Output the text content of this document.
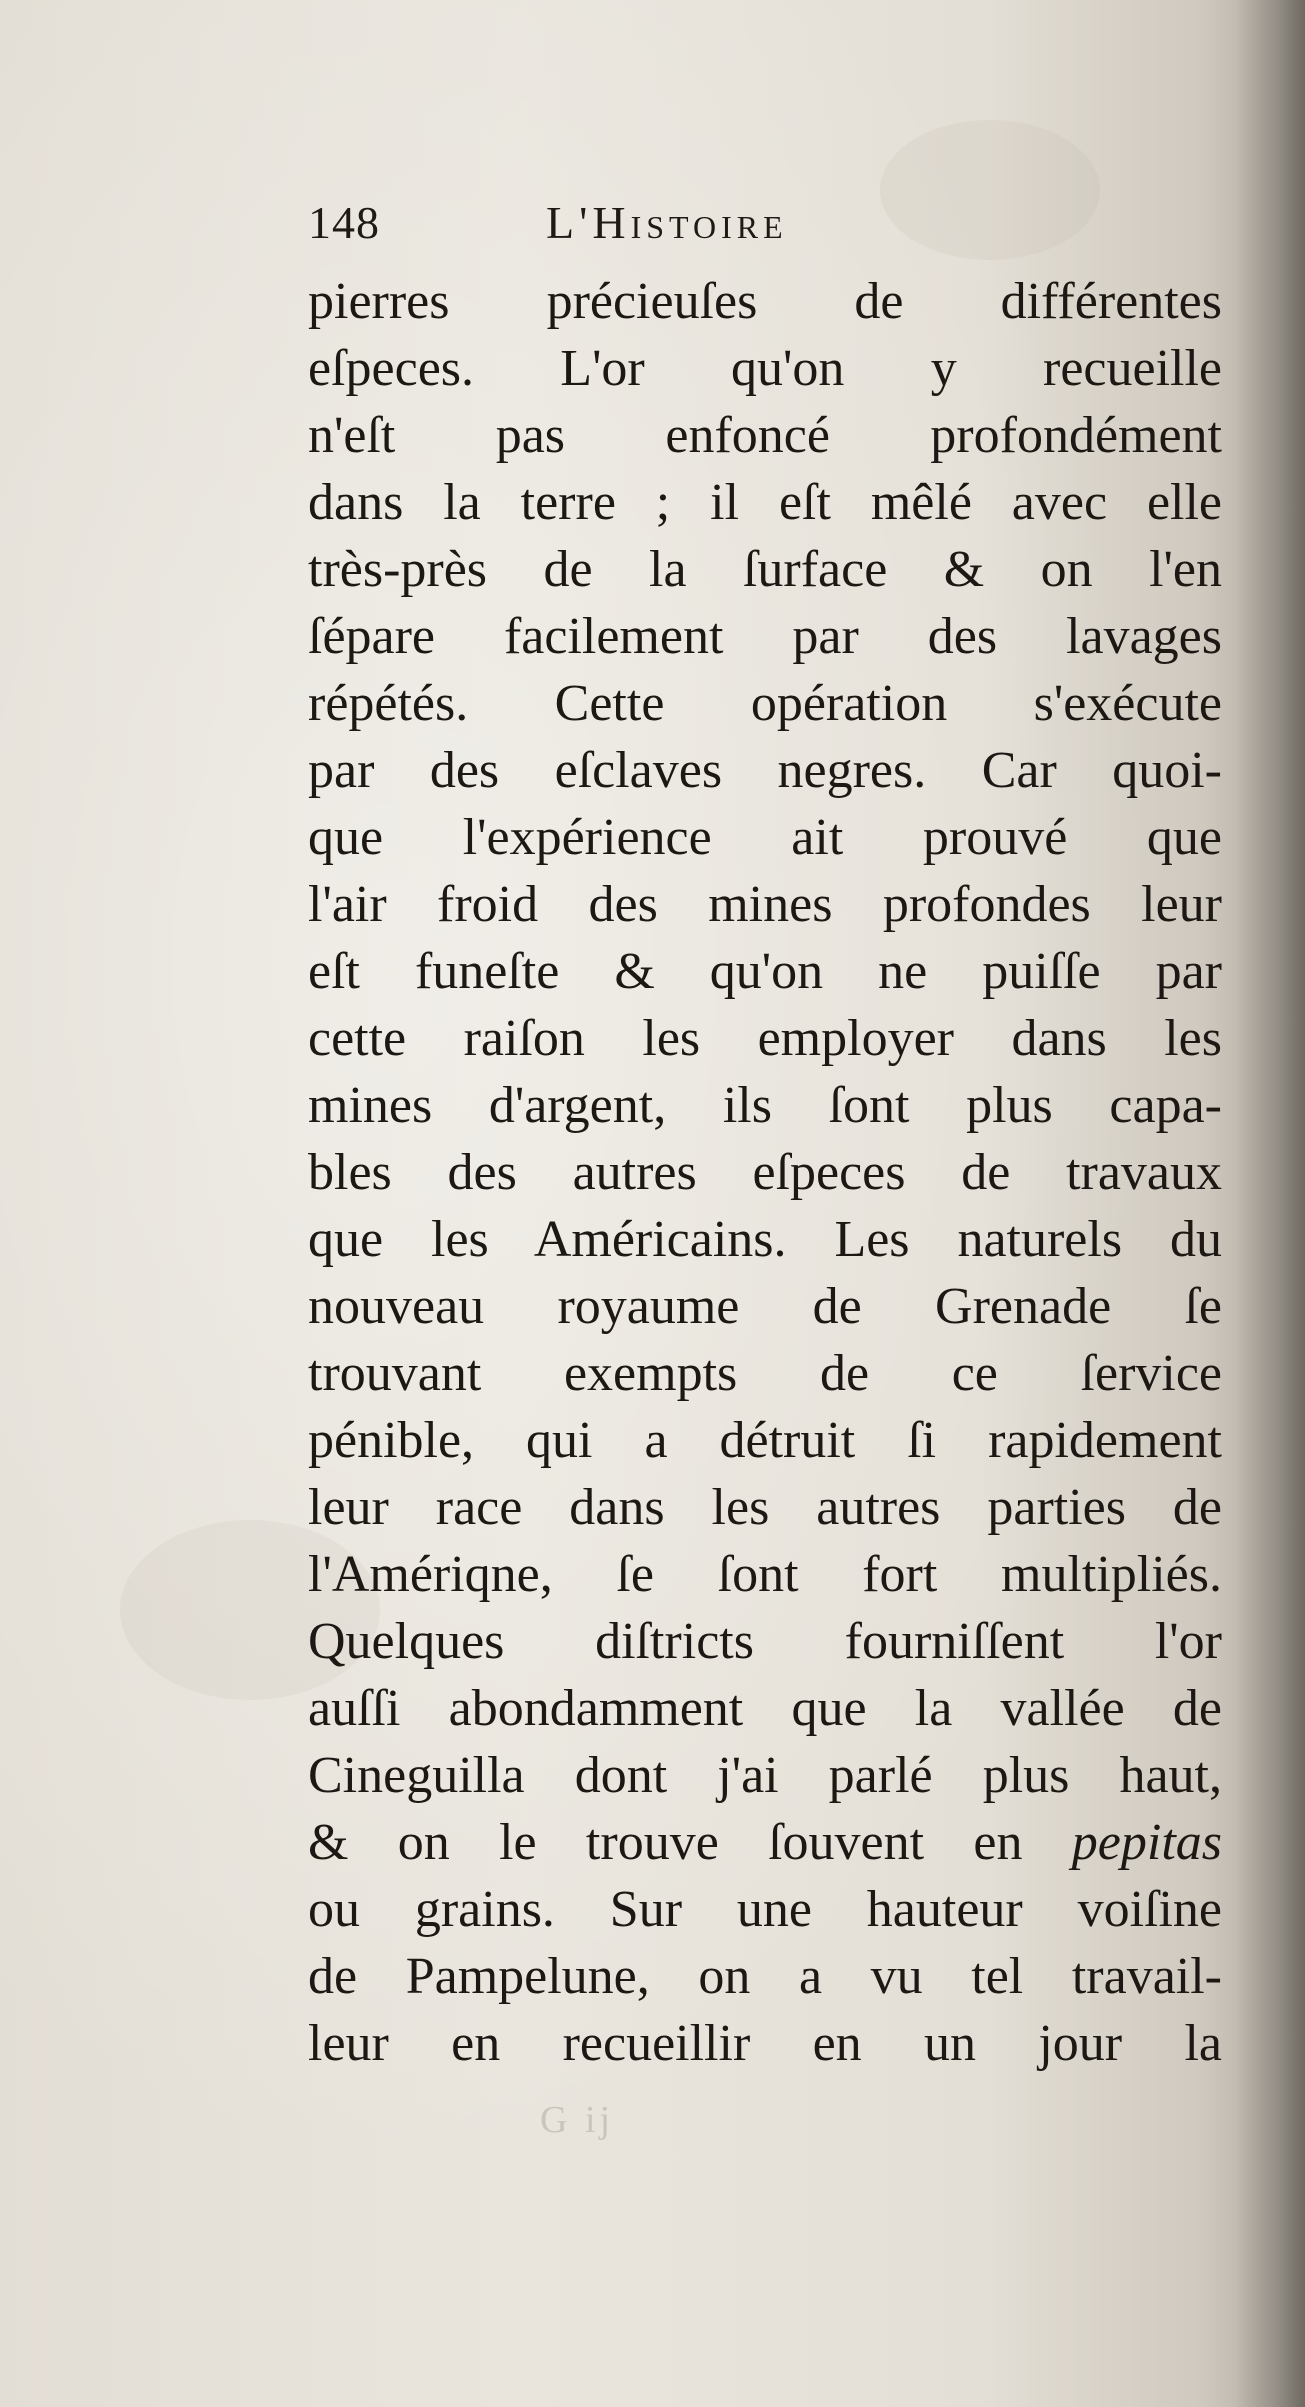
148	L'Histoire
pierres précieuſes de différentes
eſpeces. L'or qu'on y recueille
n'eſt pas enfoncé profondément
dans la terre ; il eſt mêlé avec elle
très-près de la ſurface & on l'en
ſépare facilement par des lavages
répétés. Cette opération s'exécute
par des eſclaves negres. Car quoi-
que l'expérience ait prouvé que
l'air froid des mines profondes leur
eſt funeſte & qu'on ne puiſſe par
cette raiſon les employer dans les
mines d'argent, ils ſont plus capa-
bles des autres eſpeces de travaux
que les Américains. Les naturels du
nouveau royaume de Grenade ſe
trouvant exempts de ce ſervice
pénible, qui a détruit ſi rapidement
leur race dans les autres parties de
l'Amériqne, ſe ſont fort multipliés.
Quelques diſtricts fourniſſent l'or
auſſi abondamment que la vallée de
Cineguilla dont j'ai parlé plus haut,
& on le trouve ſouvent en pepitas
ou grains. Sur une hauteur voiſine
de Pampelune, on a vu tel travail-
leur en recueillir en un jour la
G ij
